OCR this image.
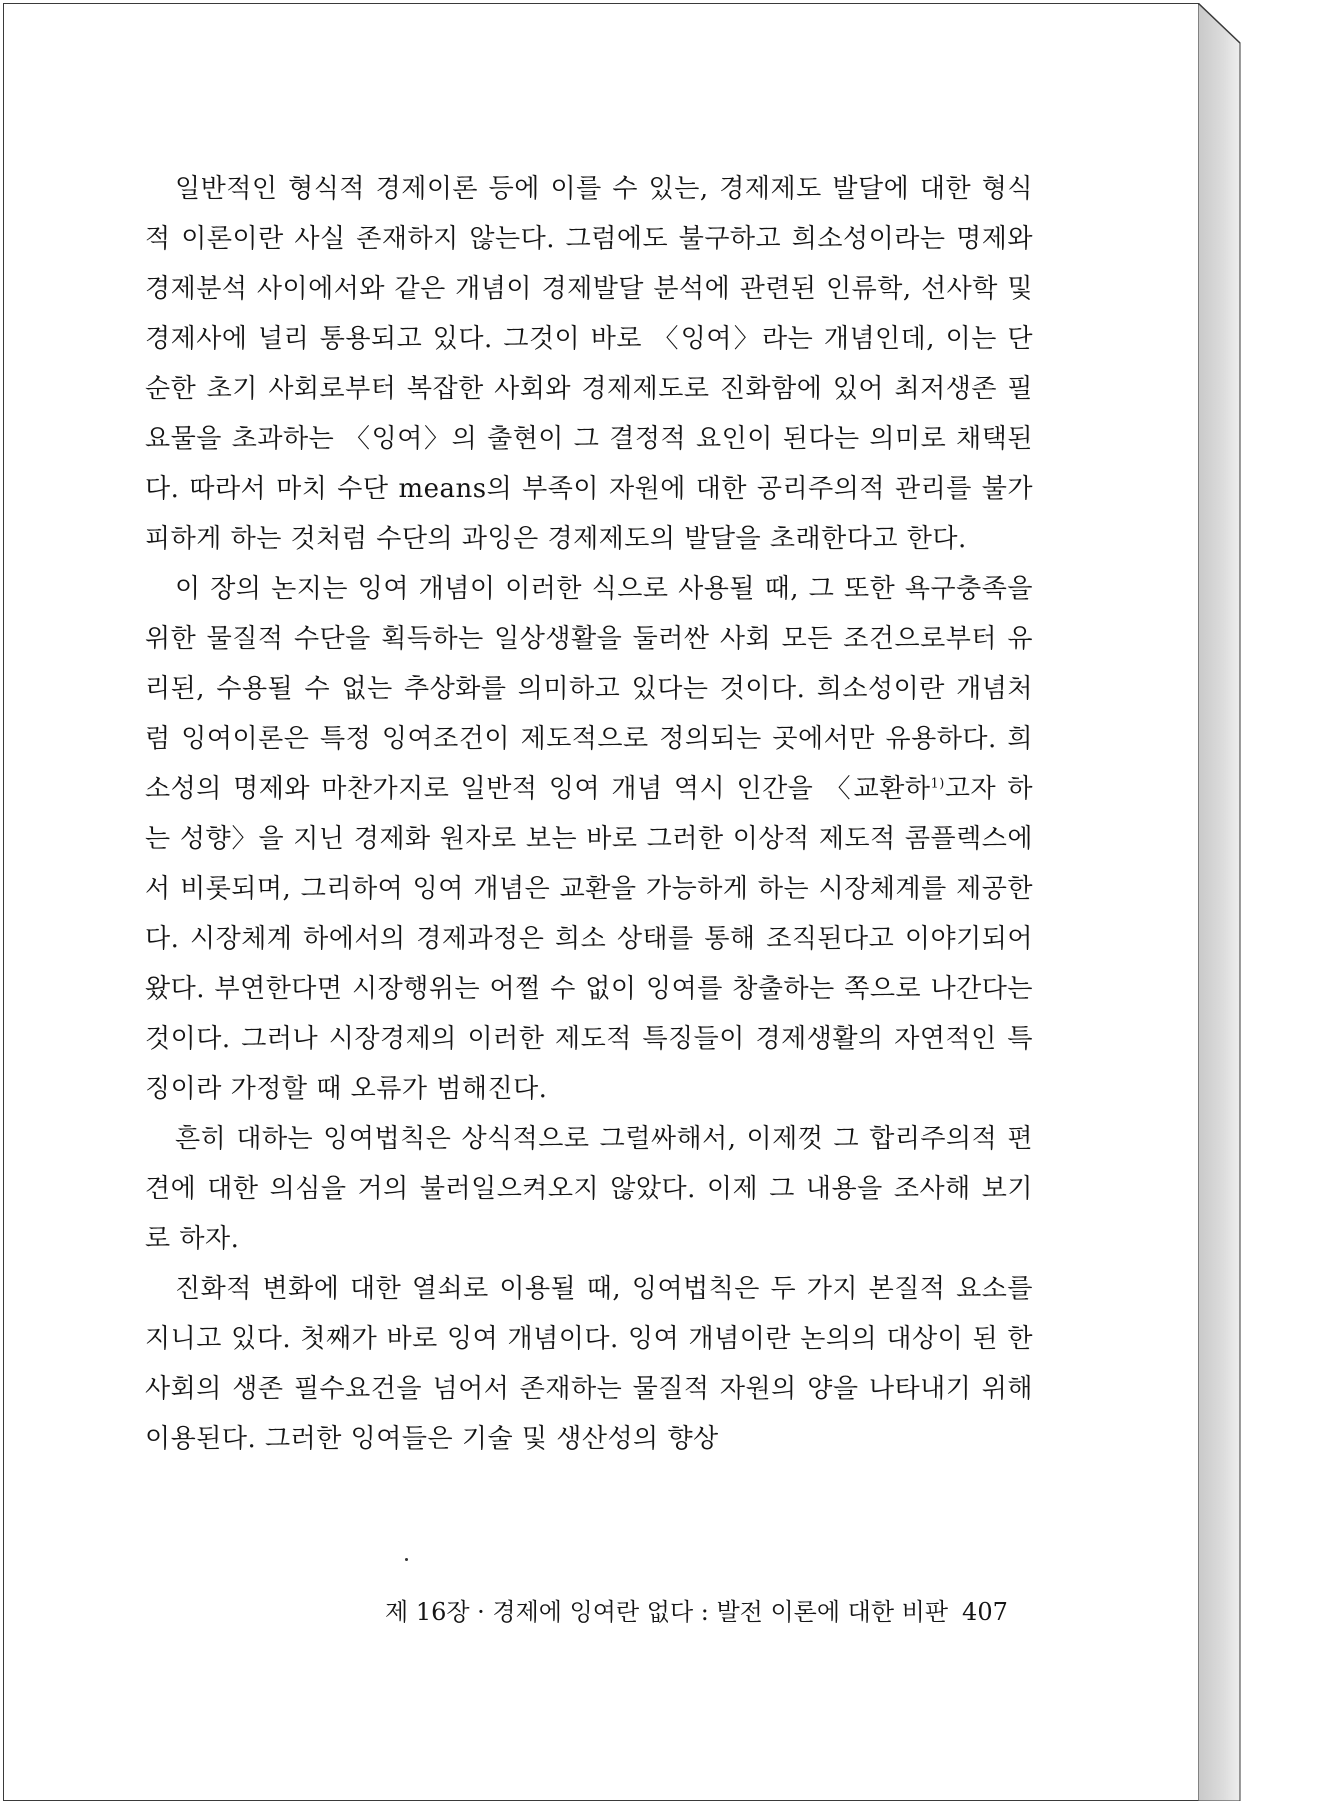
일반적인 형식적 경제이론 등에 이를 수 있는, 경제제도 발달에 대한 형식적 이론이란 사실 존재하지 않는다. 그럼에도 불구하고 희소성이라는 명제와 경제분석 사이에서와 같은 개념이 경제발달 분석에 관련된 인류학, 선사학 및 경제사에 널리 통용되고 있다. 그것이 바로 〈잉여〉라는 개념인데, 이는 단순한 초기 사회로부터 복잡한 사회와 경제제도로 진화함에 있어 최저생존 필요물을 초과하는 〈잉여〉의 출현이 그 결정적 요인이 된다는 의미로 채택된다. 따라서 마치 수단 means의 부족이 자원에 대한 공리주의적 관리를 불가피하게 하는 것처럼 수단의 과잉은 경제제도의 발달을 초래한다고 한다.

이 장의 논지는 잉여 개념이 이러한 식으로 사용될 때, 그 또한 욕구충족을 위한 물질적 수단을 획득하는 일상생활을 둘러싼 사회 모든 조건으로부터 유리된, 수용될 수 없는 추상화를 의미하고 있다는 것이다. 희소성이란 개념처럼 잉여이론은 특정 잉여조건이 제도적으로 정의되는 곳에서만 유용하다. 희소성의 명제와 마찬가지로 일반적 잉여 개념 역시 인간을 〈교환하$^{1)}$고자 하는 성향〉을 지닌 경제화 원자로 보는 바로 그러한 이상적 제도적 콤플렉스에서 비롯되며, 그리하여 잉여 개념은 교환을 가능하게 하는 시장체계를 제공한다. 시장체계 하에서의 경제과정은 희소 상태를 통해 조직된다고 이야기되어왔다. 부연한다면 시장행위는 어쩔 수 없이 잉여를 창출하는 쪽으로 나간다는 것이다. 그러나 시장경제의 이러한 제도적 특징들이 경제생활의 자연적인 특징이라 가정할 때 오류가 범해진다.

흔히 대하는 잉여법칙은 상식적으로 그럴싸해서, 이제껏 그 합리주의적 편견에 대한 의심을 거의 불러일으켜오지 않았다. 이제 그 내용을 조사해 보기로 하자.

진화적 변화에 대한 열쇠로 이용될 때, 잉여법칙은 두 가지 본질적 요소를 지니고 있다. 첫째가 바로 잉여 개념이다. 잉여 개념이란 논의의 대상이 된 한 사회의 생존 필수요건을 넘어서 존재하는 물질적 자원의 양을 나타내기 위해 이용된다. 그러한 잉여들은 기술 및 생산성의 향상

제 16장 · 경제에 잉여란 없다 : 발전 이론에 대한 비판 407
